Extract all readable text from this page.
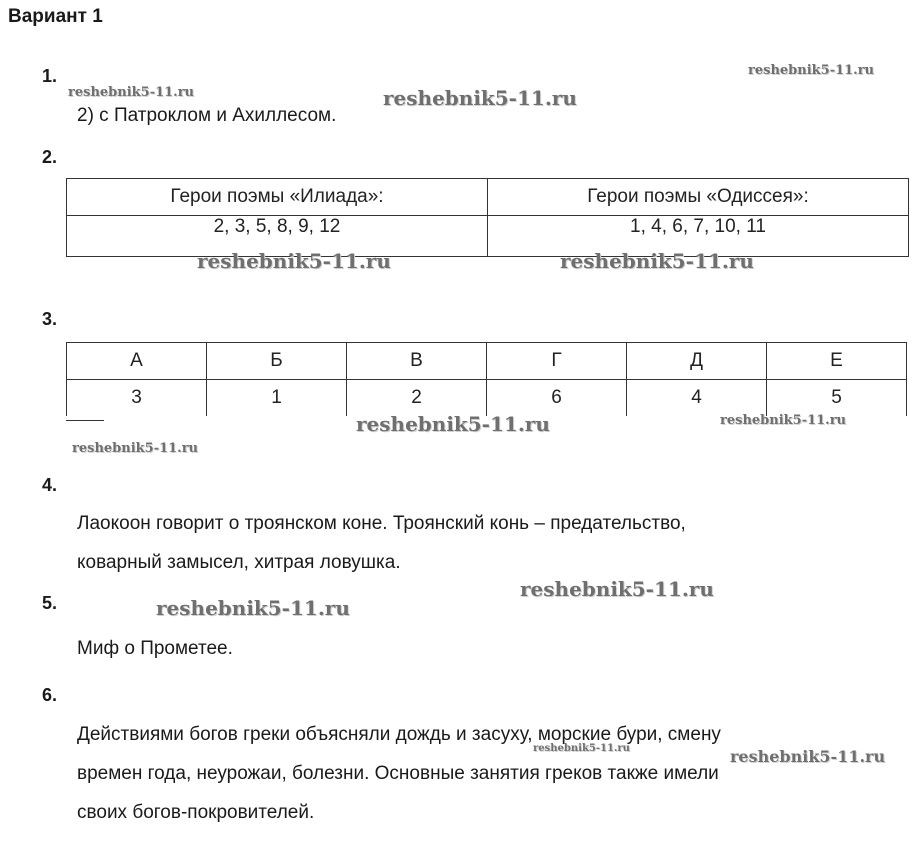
Вариант 1
1.
2) с Патроклом и Ахиллесом.
2.
Герои поэмы «Илиада»:	Герои поэмы «Одиссея»:
2, 3, 5, 8, 9, 12	1, 4, 6, 7, 10, 11
3.
А	Б	В	Г	Д	Е
3	1	2	6	4	5
4.
Лаокоон говорит о троянском коне. Троянский конь – предательство,
коварный замысел, хитрая ловушка.
5.
Миф о Прометее.
6.
Действиями богов греки объясняли дождь и засуху, морские бури, смену
времен года, неурожаи, болезни. Основные занятия греков также имели
своих богов-покровителей.
reshebnik5-11.ru
reshebnik5-11.ru	reshebnik5-11.ru
reshebnik5-11.ru	reshebnik5-11.ru
reshebnik5-11.ru	reshebnik5-11.ru
reshebnik5-11.ru
reshebnik5-11.ru
reshebnik5-11.ru
reshebnik5-11.ru	reshebnik5-11.ru
